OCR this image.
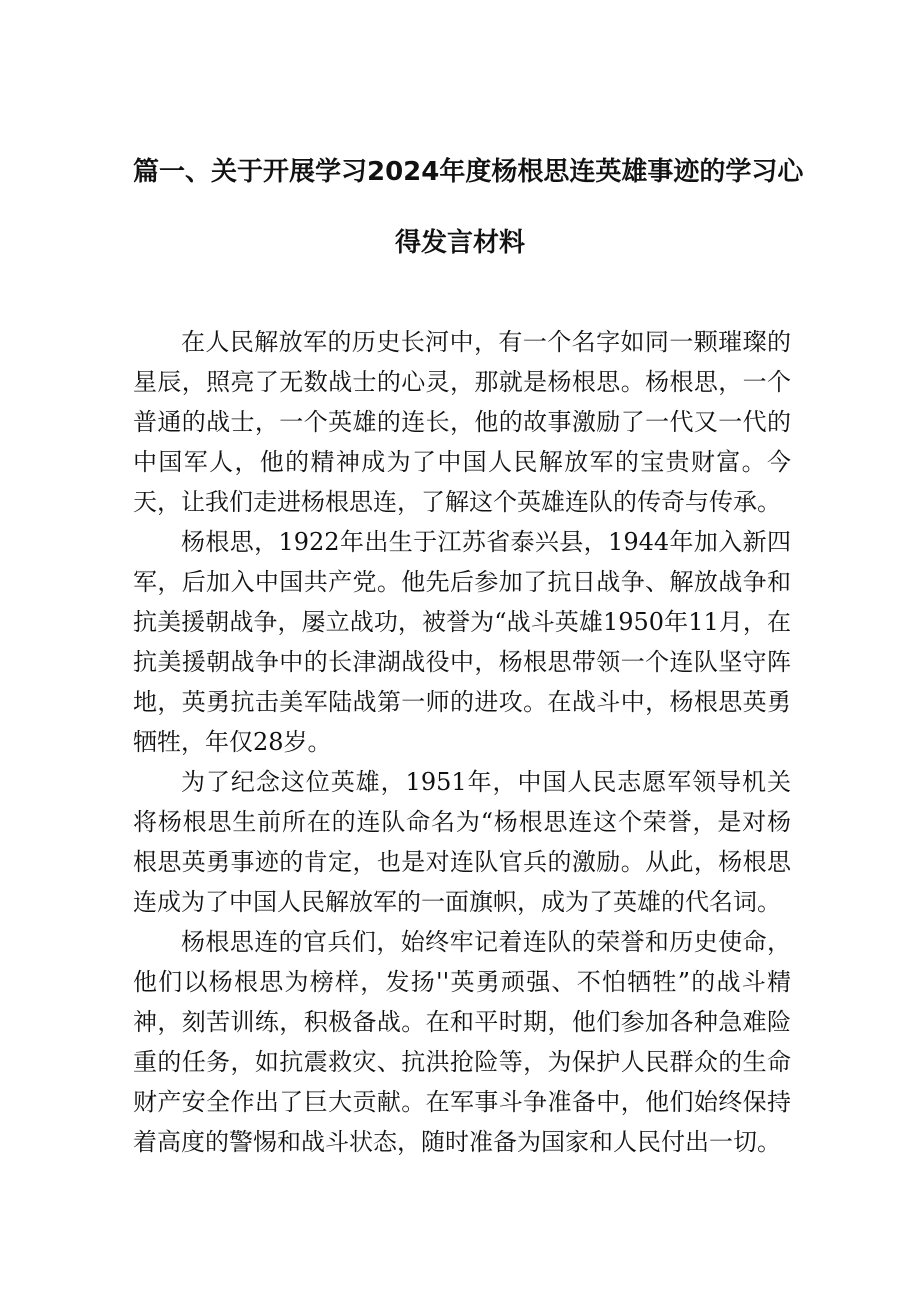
篇一、关于开展学习2024年度杨根思连英雄事迹的学习心
得发言材料

在人民解放军的历史长河中，有一个名字如同一颗璀璨的星辰，照亮了无数战士的心灵，那就是杨根思。杨根思，一个普通的战士，一个英雄的连长，他的故事激励了一代又一代的中国军人，他的精神成为了中国人民解放军的宝贵财富。今天，让我们走进杨根思连，了解这个英雄连队的传奇与传承。

杨根思，1922年出生于江苏省泰兴县，1944年加入新四军，后加入中国共产党。他先后参加了抗日战争、解放战争和抗美援朝战争，屡立战功，被誉为“战斗英雄1950年11月，在抗美援朝战争中的长津湖战役中，杨根思带领一个连队坚守阵地，英勇抗击美军陆战第一师的进攻。在战斗中，杨根思英勇牺牲，年仅28岁。

为了纪念这位英雄，1951年，中国人民志愿军领导机关将杨根思生前所在的连队命名为“杨根思连这个荣誉，是对杨根思英勇事迹的肯定，也是对连队官兵的激励。从此，杨根思连成为了中国人民解放军的一面旗帜，成为了英雄的代名词。

杨根思连的官兵们，始终牢记着连队的荣誉和历史使命，他们以杨根思为榜样，发扬''英勇顽强、不怕牺牲”的战斗精神，刻苦训练，积极备战。在和平时期，他们参加各种急难险重的任务，如抗震救灾、抗洪抢险等，为保护人民群众的生命财产安全作出了巨大贡献。在军事斗争准备中，他们始终保持着高度的警惕和战斗状态，随时准备为国家和人民付出一切。
